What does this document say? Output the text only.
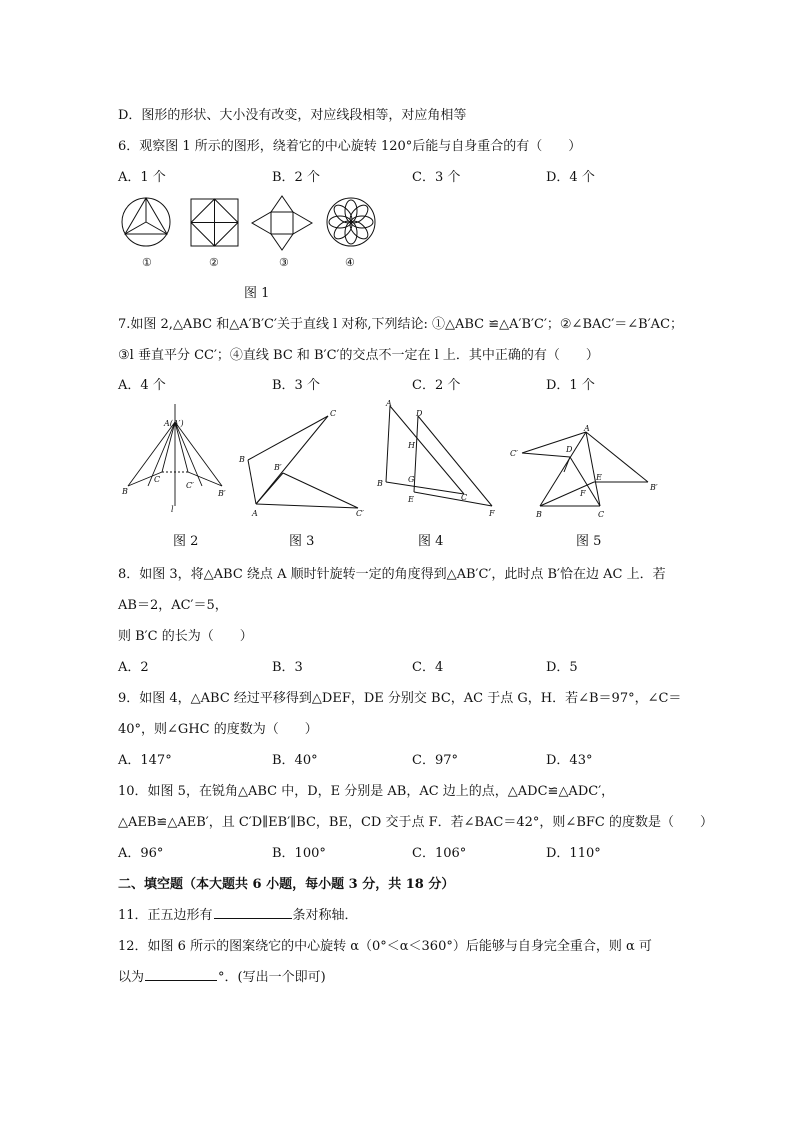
D．图形的形状、大小没有改变，对应线段相等，对应角相等
6．观察图 1 所示的图形，绕着它的中心旋转 120°后能与自身重合的有（　　）
A．1 个	B．2 个	C．3 个	D．4 个
①	②	③	④
图 1
7.如图 2,△ABC 和△A′B′C′关于直线 l 对称,下列结论: ①△ABC ≌△A′B′C′；②∠BAC′＝∠B′AC；
③l 垂直平分 CC′；④直线 BC 和 B′C′的交点不一定在 l 上．其中正确的有（　　）
A．4 个	B．3 个	C．2 个	D．1 个
A(A′)
B
C
C′
B′
l
C
B
B′
A	C′
A
D
H
B	G
C
E
F
A
C′	D
E
B′
F
B	C
图 2	图 3	图 4	图 5
8．如图 3，将△ABC 绕点 A 顺时针旋转一定的角度得到△AB′C′，此时点 B′恰在边 AC 上．若
AB＝2，AC′＝5，
则 B′C 的长为（　　）
A．2	B．3	C．4	D．5
9．如图 4，△ABC 经过平移得到△DEF，DE 分别交 BC，AC 于点 G，H．若∠B＝97°，∠C＝
40°，则∠GHC 的度数为（　　）
A．147°	B．40°	C．97°	D．43°
10．如图 5，在锐角△ABC 中，D，E 分别是 AB，AC 边上的点，△ADC≌△ADC′，
△AEB≌△AEB′，且 C′D∥EB′∥BC，BE，CD 交于点 F．若∠BAC＝42°，则∠BFC 的度数是（　　）
A．96°	B．100°	C．106°	D．110°
二、填空题（本大题共 6 小题，每小题 3 分，共 18 分）
11．正五边形有	条对称轴．
12．如图 6 所示的图案绕它的中心旋转 α（0°＜α＜360°）后能够与自身完全重合，则 α 可
以为	°．(写出一个即可)
